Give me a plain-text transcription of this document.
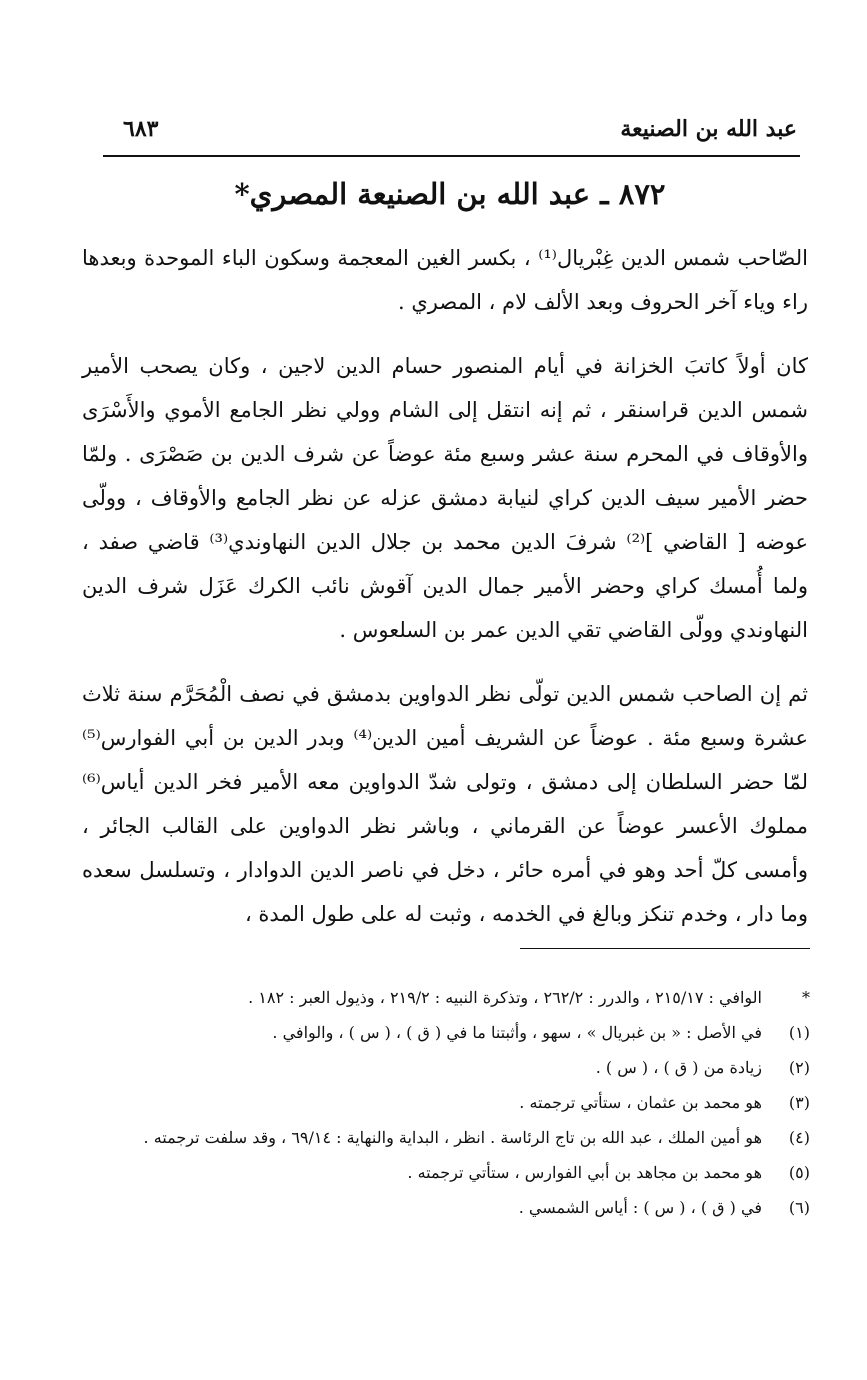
عبد الله بن الصنيعة
٦٨٣
٨٧٢ ـ عبد الله بن الصنيعة المصري*

الصّاحب شمس الدين غِبْريال⁽¹⁾ ، بكسر الغين المعجمة وسكون الباء الموحدة وبعدها راء وياء آخر الحروف وبعد الألف لام ، المصري .

كان أولاً كاتبَ الخزانة في أيام المنصور حسام الدين لاجين ، وكان يصحب الأمير شمس الدين قراسنقر ، ثم إنه انتقل إلى الشام وولي نظر الجامع الأموي والأَسْرَى والأوقاف في المحرم سنة عشر وسبع مئة عوضاً عن شرف الدين بن صَصْرَى . ولمّا حضر الأمير سيف الدين كراي لنيابة دمشق عزله عن نظر الجامع والأوقاف ، وولّى عوضه [ القاضي ]⁽²⁾ شرفَ الدين محمد بن جلال الدين النهاوندي⁽³⁾ قاضي صفد ، ولما أُمسك كراي وحضر الأمير جمال الدين آقوش نائب الكرك عَزَل شرف الدين النهاوندي وولّى القاضي تقي الدين عمر بن السلعوس .

ثم إن الصاحب شمس الدين تولّى نظر الدواوين بدمشق في نصف الْمُحَرَّم سنة ثلاث عشرة وسبع مئة . عوضاً عن الشريف أمين الدين⁽⁴⁾ وبدر الدين بن أبي الفوارس⁽⁵⁾ لمّا حضر السلطان إلى دمشق ، وتولى شدّ الدواوين معه الأمير فخر الدين أياس⁽⁶⁾ مملوك الأعسر عوضاً عن القرماني ، وباشر نظر الدواوين على القالب الجائر ، وأمسى كلّ أحد وهو في أمره حائر ، دخل في ناصر الدين الدوادار ، وتسلسل سعده وما دار ، وخدم تنكز وبالغ في الخدمه ، وثبت له على طول المدة ،

*
الوافي : ٢١٥/١٧ ، والدرر : ٢٦٢/٢ ، وتذكرة النبيه : ٢١٩/٢ ، وذيول العبر : ١٨٢ .
(١)
في الأصل : « بن غبريال » ، سهو ، وأثبتنا ما في ( ق ) ، ( س ) ، والوافي .
(٢)
زيادة من ( ق ) ، ( س ) .
(٣)
هو محمد بن عثمان ، ستأتي ترجمته .
(٤)
هو أمين الملك ، عبد الله بن تاج الرئاسة . انظر ، البداية والنهاية : ٦٩/١٤ ، وقد سلفت ترجمته .
(٥)
هو محمد بن مجاهد بن أبي الفوارس ، ستأتي ترجمته .
(٦)
في ( ق ) ، ( س ) : أياس الشمسي .
